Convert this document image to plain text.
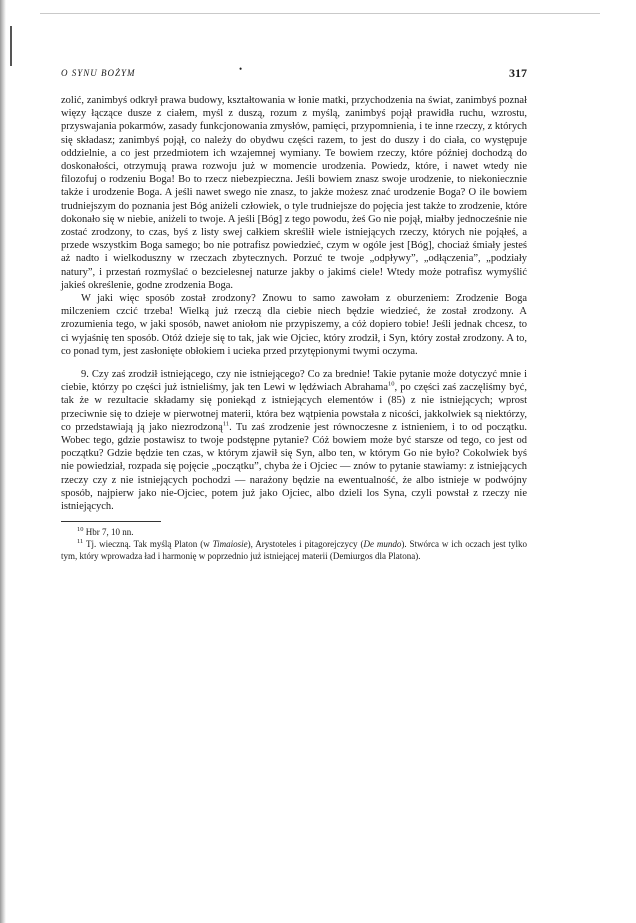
O SYNU BOŻYM	•	317

zolić, zanimbyś odkrył prawa budowy, kształtowania w łonie matki, przychodzenia na świat, zanimbyś poznał więzy łączące dusze z ciałem, myśl z duszą, rozum z myślą, zanimbyś pojął prawidła ruchu, wzrostu, przyswajania pokarmów, zasady funkcjonowania zmysłów, pamięci, przypomnienia, i te inne rzeczy, z których się składasz; zanimbyś pojął, co należy do obydwu części razem, to jest do duszy i do ciała, co występuje oddzielnie, a co jest przedmiotem ich wzajemnej wymiany. Te bowiem rzeczy, które później dochodzą do doskonałości, otrzymują prawa rozwoju już w momencie urodzenia. Powiedz, które, i nawet wtedy nie filozofuj o rodzeniu Boga! Bo to rzecz niebezpieczna. Jeśli bowiem znasz swoje urodzenie, to niekoniecznie także i urodzenie Boga. A jeśli nawet swego nie znasz, to jakże możesz znać urodzenie Boga? O ile bowiem trudniejszym do poznania jest Bóg aniżeli człowiek, o tyle trudniejsze do pojęcia jest także to zrodzenie, które dokonało się w niebie, aniżeli to twoje. A jeśli [Bóg] z tego powodu, żeś Go nie pojął, miałby jednocześnie nie zostać zrodzony, to czas, byś z listy swej całkiem skreślił wiele istniejących rzeczy, których nie pojąłeś, a przede wszystkim Boga samego; bo nie potrafisz powiedzieć, czym w ogóle jest [Bóg], chociaż śmiały jesteś aż nadto i wielkoduszny w rzeczach zbytecznych. Porzuć te twoje „odpływy”, „odłączenia”, „podziały natury”, i przestań rozmyślać o bezcielesnej naturze jakby o jakimś ciele! Wtedy może potrafisz wymyślić jakieś określenie, godne zrodzenia Boga.

W jaki więc sposób został zrodzony? Znowu to samo zawołam z oburzeniem: Zrodzenie Boga milczeniem czcić trzeba! Wielką już rzeczą dla ciebie niech będzie wiedzieć, że został zrodzony. A zrozumienia tego, w jaki sposób, nawet aniołom nie przypiszemy, a cóż dopiero tobie! Jeśli jednak chcesz, to ci wyjaśnię ten sposób. Otóż dzieje się to tak, jak wie Ojciec, który zrodził, i Syn, który został zrodzony. A to, co ponad tym, jest zasłonięte obłokiem i ucieka przed przytępionymi twymi oczyma.

9. Czy zaś zrodził istniejącego, czy nie istniejącego? Co za brednie! Takie pytanie może dotyczyć mnie i ciebie, którzy po części już istnieliśmy, jak ten Lewi w lędźwiach Abrahama$^{10}$, po części zaś zaczęliśmy być, tak że w rezultacie składamy się poniekąd z istniejących elementów i (85) z nie istniejących; wprost przeciwnie się to dzieje w pierwotnej materii, która bez wątpienia powstała z nicości, jakkolwiek są niektórzy, co przedstawiają ją jako niezrodzoną$^{11}$. Tu zaś zrodzenie jest równoczesne z istnieniem, i to od początku. Wobec tego, gdzie postawisz to twoje podstępne pytanie? Cóż bowiem może być starsze od tego, co jest od początku? Gdzie będzie ten czas, w którym zjawił się Syn, albo ten, w którym Go nie było? Cokolwiek byś nie powiedział, rozpada się pojęcie „początku”, chyba że i Ojciec — znów to pytanie stawiamy: z istniejących rzeczy czy z nie istniejących pochodzi — narażony będzie na ewentualność, że albo istnieje w podwójny sposób, najpierw jako nie-Ojciec, potem już jako Ojciec, albo dzieli los Syna, czyli powstał z rzeczy nie istniejących.

$^{10}$ Hbr 7, 10 nn.

$^{11}$ Tj. wieczną. Tak myślą Platon (w Timaiosie), Arystoteles i pitagorejczycy (De mundo). Stwórca w ich oczach jest tylko tym, który wprowadza ład i harmonię w poprzednio już istniejącej materii (Demiurgos dla Platona).
